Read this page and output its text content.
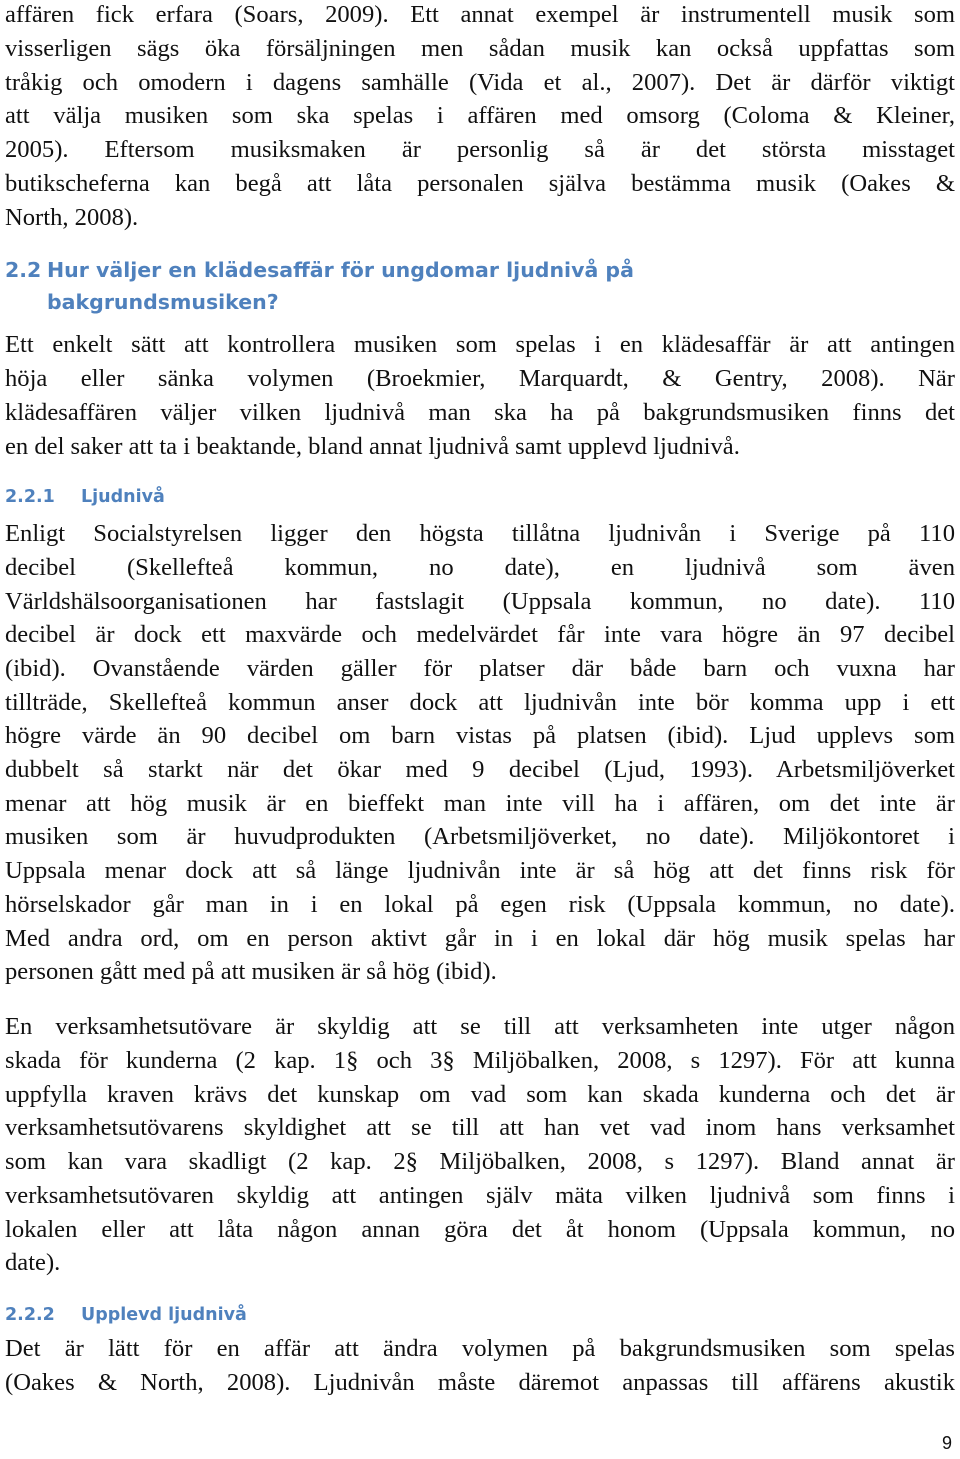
affären fick erfara (Soars, 2009). Ett annat exempel är instrumentell musik som
visserligen sägs öka försäljningen men sådan musik kan också uppfattas som
tråkig och omodern i dagens samhälle (Vida et al., 2007). Det är därför viktigt
att välja musiken som ska spelas i affären med omsorg (Coloma & Kleiner,
2005). Eftersom musiksmaken är personlig så är det största misstaget
butikscheferna kan begå att låta personalen själva bestämma musik (Oakes &
North, 2008).
2.2 Hur väljer en klädesaffär för ungdomar ljudnivå på
bakgrundsmusiken?
Ett enkelt sätt att kontrollera musiken som spelas i en klädesaffär är att antingen
höja eller sänka volymen (Broekmier, Marquardt, & Gentry, 2008). När
klädesaffären väljer vilken ljudnivå man ska ha på bakgrundsmusiken finns det
en del saker att ta i beaktande, bland annat ljudnivå samt upplevd ljudnivå.
2.2.1 Ljudnivå
Enligt Socialstyrelsen ligger den högsta tillåtna ljudnivån i Sverige på 110
decibel (Skellefteå kommun, no date), en ljudnivå som även
Världshälsoorganisationen har fastslagit (Uppsala kommun, no date). 110
decibel är dock ett maxvärde och medelvärdet får inte vara högre än 97 decibel
(ibid). Ovanstående värden gäller för platser där både barn och vuxna har
tillträde, Skellefteå kommun anser dock att ljudnivån inte bör komma upp i ett
högre värde än 90 decibel om barn vistas på platsen (ibid). Ljud upplevs som
dubbelt så starkt när det ökar med 9 decibel (Ljud, 1993). Arbetsmiljöverket
menar att hög musik är en bieffekt man inte vill ha i affären, om det inte är
musiken som är huvudprodukten (Arbetsmiljöverket, no date). Miljökontoret i
Uppsala menar dock att så länge ljudnivån inte är så hög att det finns risk för
hörselskador går man in i en lokal på egen risk (Uppsala kommun, no date).
Med andra ord, om en person aktivt går in i en lokal där hög musik spelas har
personen gått med på att musiken är så hög (ibid).
En verksamhetsutövare är skyldig att se till att verksamheten inte utger någon
skada för kunderna (2 kap. 1§ och 3§ Miljöbalken, 2008, s 1297). För att kunna
uppfylla kraven krävs det kunskap om vad som kan skada kunderna och det är
verksamhetsutövarens skyldighet att se till att han vet vad inom hans verksamhet
som kan vara skadligt (2 kap. 2§ Miljöbalken, 2008, s 1297). Bland annat är
verksamhetsutövaren skyldig att antingen själv mäta vilken ljudnivå som finns i
lokalen eller att låta någon annan göra det åt honom (Uppsala kommun, no
date).
2.2.2 Upplevd ljudnivå
Det är lätt för en affär att ändra volymen på bakgrundsmusiken som spelas
(Oakes & North, 2008). Ljudnivån måste däremot anpassas till affärens akustik
9
